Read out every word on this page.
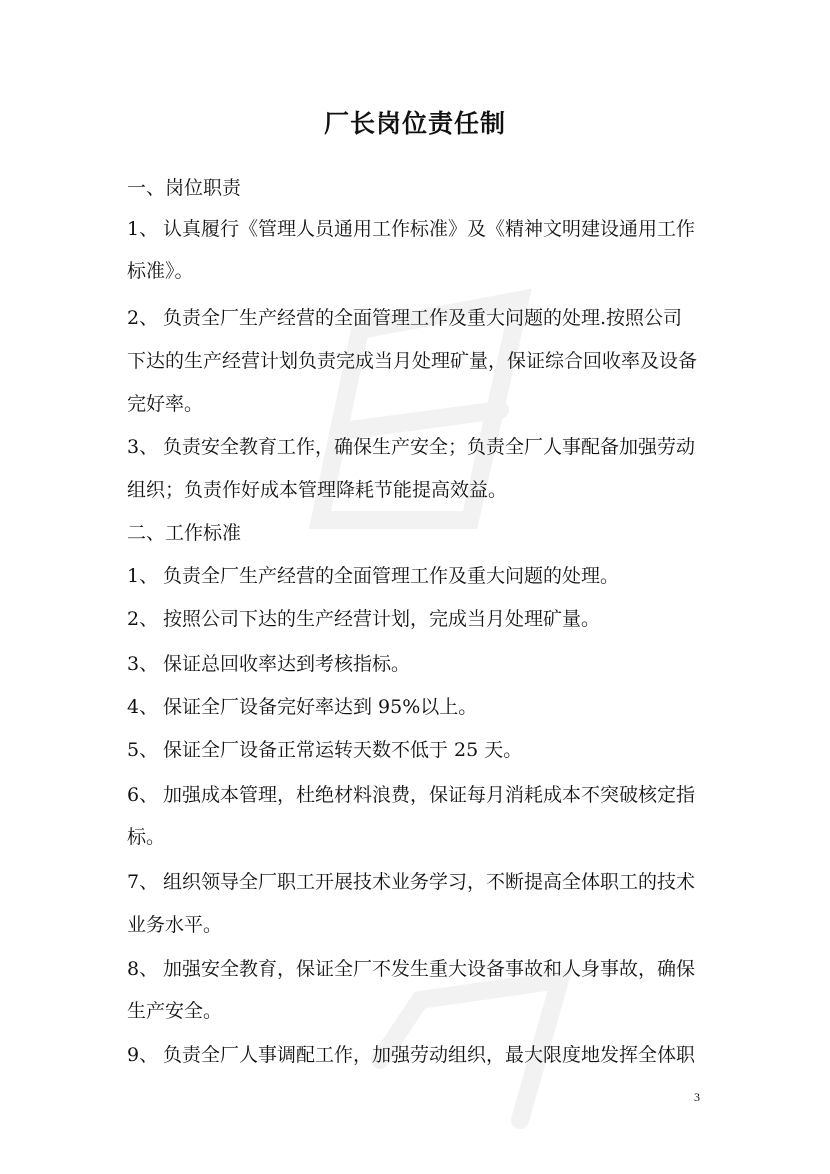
厂长岗位责任制
一、岗位职责
1、 认真履行《管理人员通用工作标准》及《精神文明建设通用工作
标准》。
2、 负责全厂生产经营的全面管理工作及重大问题的处理.按照公司
下达的生产经营计划负责完成当月处理矿量，保证综合回收率及设备
完好率。
3、 负责安全教育工作，确保生产安全；负责全厂人事配备加强劳动
组织；负责作好成本管理降耗节能提高效益。
二、工作标准
1、 负责全厂生产经营的全面管理工作及重大问题的处理。
2、 按照公司下达的生产经营计划，完成当月处理矿量。
3、 保证总回收率达到考核指标。
4、 保证全厂设备完好率达到 95%以上。
5、 保证全厂设备正常运转天数不低于 25 天。
6、 加强成本管理，杜绝材料浪费，保证每月消耗成本不突破核定指
标。
7、 组织领导全厂职工开展技术业务学习，不断提高全体职工的技术
业务水平。
8、 加强安全教育，保证全厂不发生重大设备事故和人身事故，确保
生产安全。
9、 负责全厂人事调配工作，加强劳动组织，最大限度地发挥全体职
3
